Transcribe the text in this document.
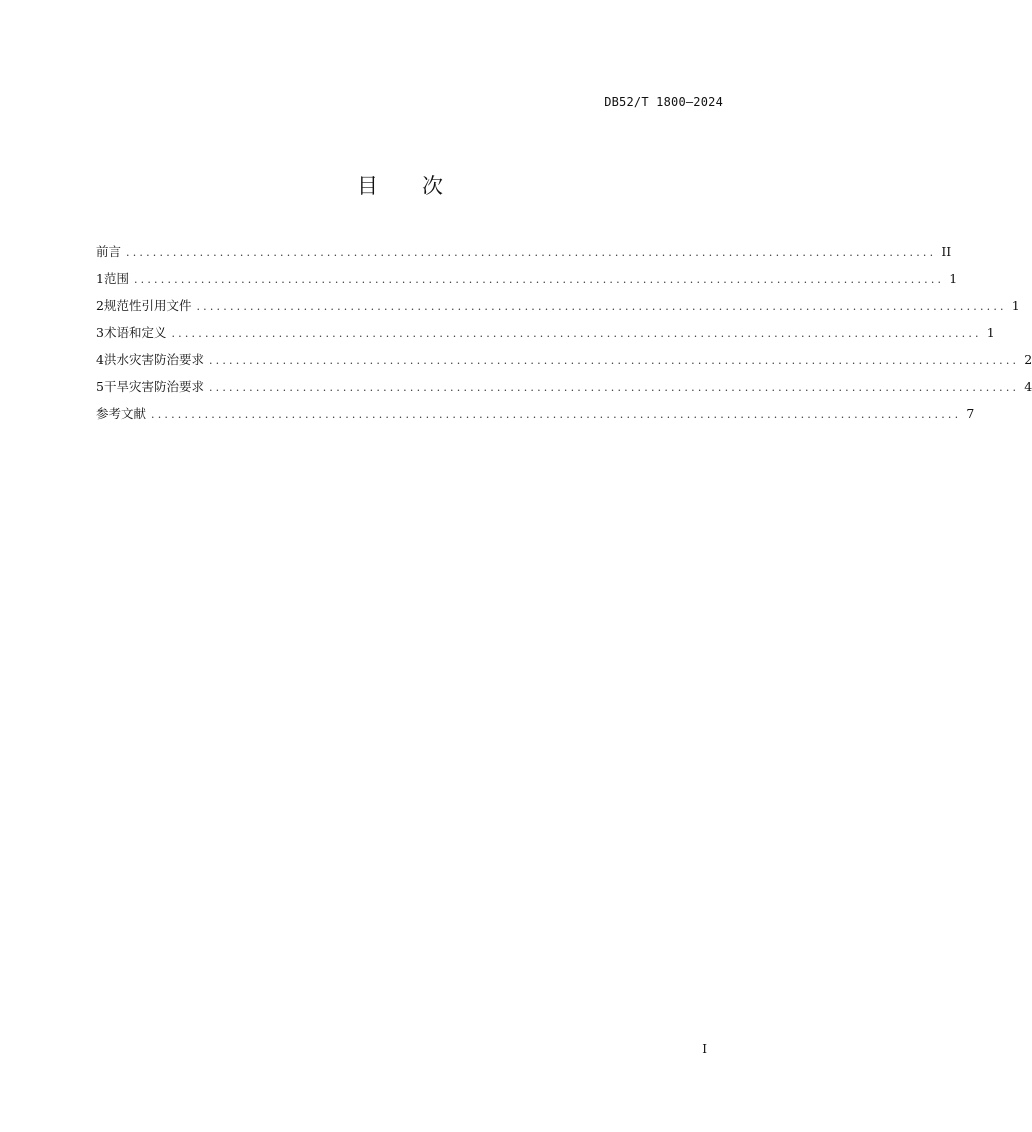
DB52/T 1800—2024
目 次
前言 ......................................................................................................................... II
1 范围 ......................................................................................................................... 1
2 规范性引用文件 ......................................................................................................................... 1
3 术语和定义 ......................................................................................................................... 1
4 洪水灾害防治要求 ......................................................................................................................... 2
5 干旱灾害防治要求 ......................................................................................................................... 4
参考文献 ......................................................................................................................... 7
I
